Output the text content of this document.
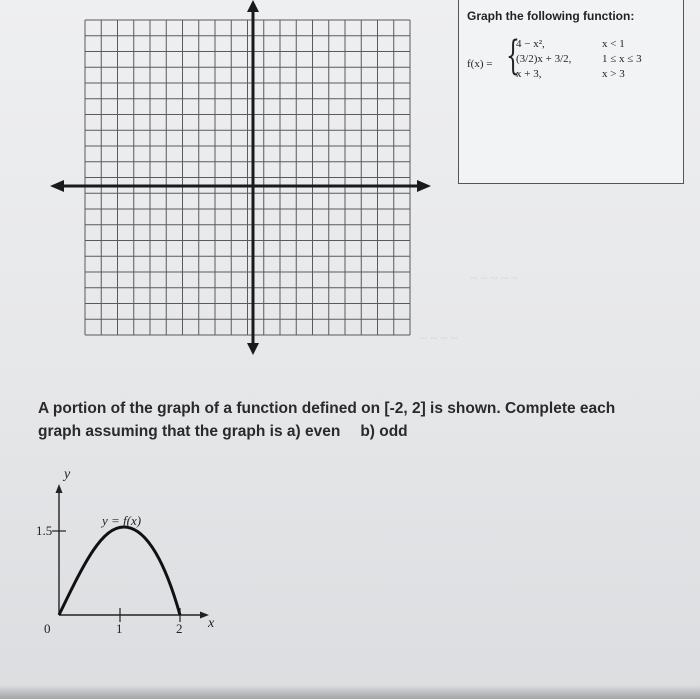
Graph the following function:
f(x) = {
4 − x²,	x < 1
(3/2)x + 3/2,	1 ≤ x ≤ 3
x + 3,	x > 3
~ ~ ~ ~ ~
~ ~ ~ ~
A portion of the graph of a function defined on [-2, 2] is shown. Complete each
graph assuming that the graph is a) even b) odd
y
x
1.5
0	1	2
y = f(x)
